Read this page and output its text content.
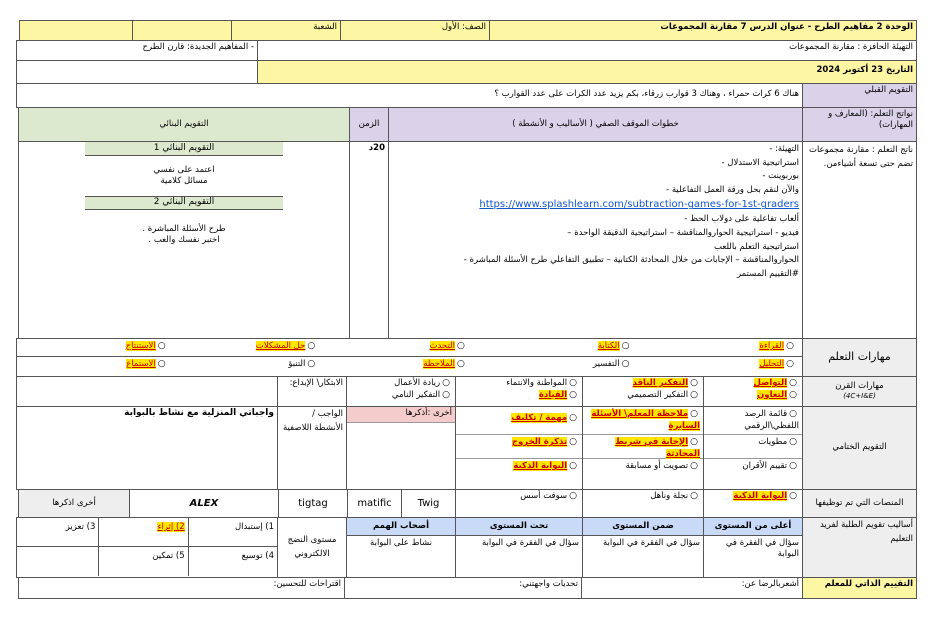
الوحدة 2 مفاهيم الطرح - عنوان الدرس 7 مقارنة المجموعات
الصف: الأول
الشعبة
التهيئة الحافزة : مقارنة المجموعات
- المفاهيم الجديدة: قارن الطرح
التاريخ 23 أكتوبر 2024
التقويم القبلي
هناك 6 كرات حمراء ، وهناك 3 قوارب زرقاء، بكم يزيد عدد الكرات على عدد القوارب ؟
نواتج التعلم: (المعارف و المهارات)
خطوات الموقف الصفي ( الأساليب و الأنشطة )
الزمن
التقويم البنائي
ناتج التعلم : مقارنة مجموعات تضم حتى تسعة أشياءمن.
التهيئة: -
استراتيجية الاستدلال -
بوربوينت -
والآن لنقم بحل ورقة العمل التفاعلية -
https://www.splashlearn.com/subtraction-games-for-1st-graders
ألعاب تفاعلية على دولاب الحظ -
فيديو - استراتيجية الحواروالمناقشة – استراتيجية الدقيقة الواحدة –
استراتيجية التعلم باللعب
الحواروالمناقشة – الإجابات من خلال المحادثة الكتابية – تطبيق التفاعلي طرح الأسئلة المباشرة -
#التقييم المستمر
20د
التقويم البنائي 1
اعتمد على نفسي
مسائل كلامية
التقويم البنائي 2
طرح الأسئلة المباشرة .
اختبر نفسك والعب .
مهارات التعلم
○القراءة
○الكتابة
○التحدث
○حل المشكلات
○الاستنتاج
○التحليل
○التفسير
○الملاحظة
○التنبؤ
○الاستماع
مهارات القرن
(4C+I&E)
○التواصل
○التعاون
○التفكير الناقد
○التفكير التصميمي
○المواطنة والانتماء
○القيادة
○ريادة الأعمال
○التفكير النامي
الابتكار\ الإبداع:
التقويم الختامي
○قائمة الرصد اللفظي\الرقمي
○مطويات
○تقييم الأقران
○ملاحظة المعلم\ الأسئلة السابرة
○الإجابة في شريط المحادثة
○تصويت أو مسابقة
○مهمة / تكليف
○تذكرة الخروج
○البوابة الذكية
أخرى :أذكرها
الواجب / الأنشطة اللاصفية
واجباتي المنزلية مع نشاط بالبوابة
المنصات التي تم توظيفها
○البوابة الذكية
○نجلة وناهل
○سوفت أسس
Twig
matific
tigtag
ALEX
أخرى اذكرها
أساليب تقويم الطلبة لفريد التعليم
أعلى من المستوى
سؤال في الفقرة في البوابة
ضمن المستوى
سؤال في الفقرة في البوابة
تحت المستوى
سؤال في الفقرة في البوابة
أصحاب الهمم
نشاط على البوابة
مستوى النضج الالكتروني
1) إستبدال
2) إثراء
3) تعزيز
4) توسيع
5) تمكين
التقييم الذاتي للمعلم
أشعربالرضا عن:
تحديات واجهتني:
اقتراحات للتحسين:
